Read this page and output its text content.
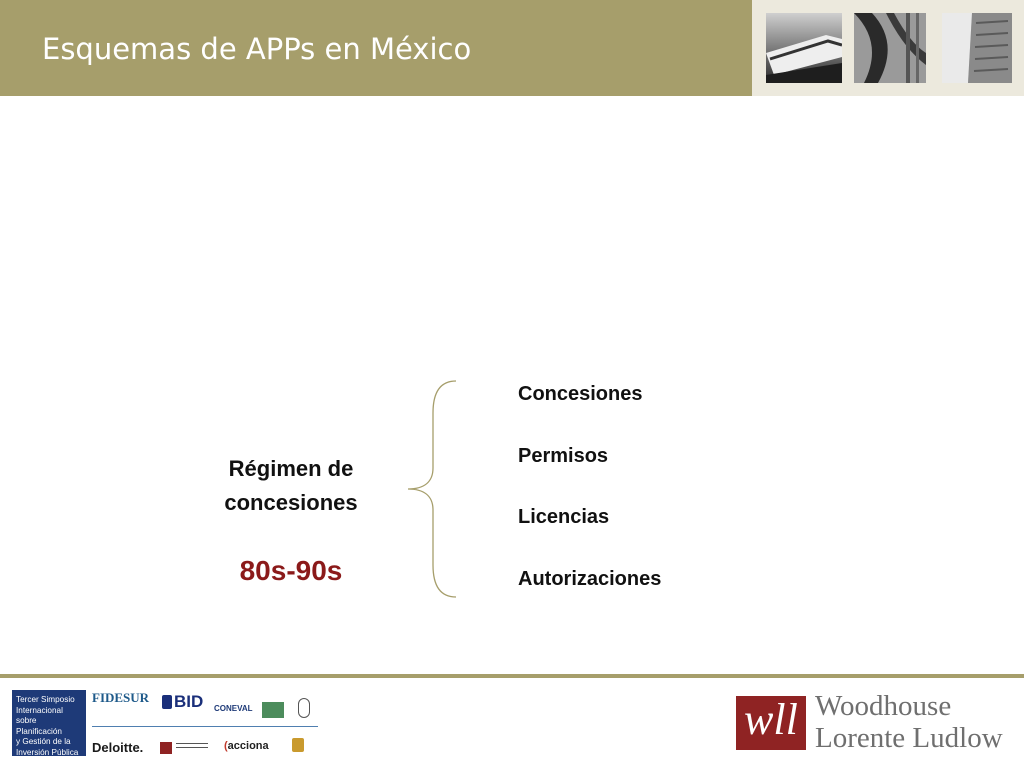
Esquemas de APPs en México
Régimen de
concesiones
80s-90s
Concesiones
Permisos
Licencias
Autorizaciones
Tercer Simposio
Internacional
sobre Planificación
y Gestión de la
Inversión Pública
FIDESUR	BID CONEVAL
Deloitte.	(acciona
wll Woodhouse
Lorente Ludlow
